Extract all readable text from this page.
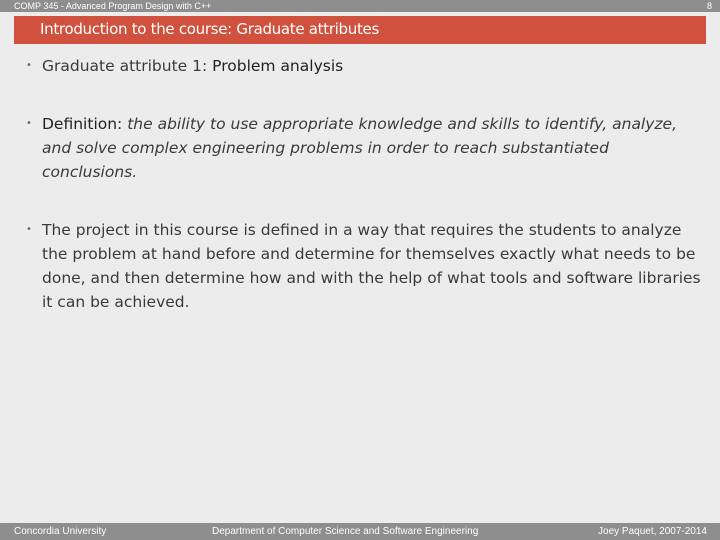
COMP 345 - Advanced Program Design with C++	8
Introduction to the course: Graduate attributes
• Graduate attribute 1: Problem analysis
• Definition: the ability to use appropriate knowledge and skills to identify, analyze, and solve complex engineering problems in order to reach substantiated conclusions.
• The project in this course is defined in a way that requires the students to analyze the problem at hand before and determine for themselves exactly what needs to be done, and then determine how and with the help of what tools and software libraries it can be achieved.
Concordia University	Department of Computer Science and Software Engineering	Joey Paquet, 2007-2014
